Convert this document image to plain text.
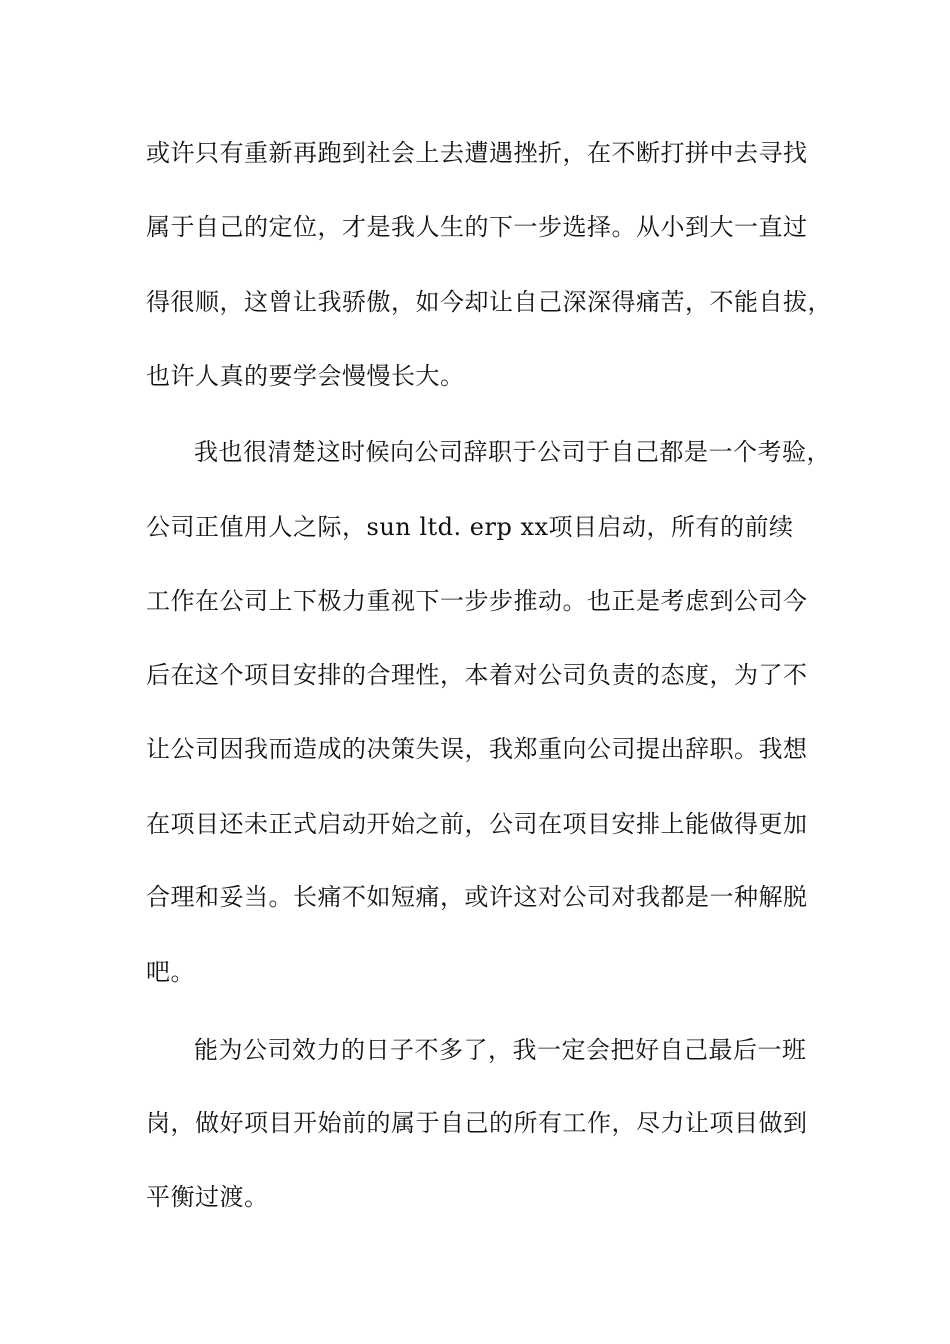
或许只有重新再跑到社会上去遭遇挫折，在不断打拼中去寻找
属于自己的定位，才是我人生的下一步选择。从小到大一直过
得很顺，这曾让我骄傲，如今却让自己深深得痛苦，不能自拔，
也许人真的要学会慢慢长大。
我也很清楚这时候向公司辞职于公司于自己都是一个考验，
公司正值用人之际，sun ltd. erp xx项目启动，所有的前续
工作在公司上下极力重视下一步步推动。也正是考虑到公司今
后在这个项目安排的合理性，本着对公司负责的态度，为了不
让公司因我而造成的决策失误，我郑重向公司提出辞职。我想
在项目还未正式启动开始之前，公司在项目安排上能做得更加
合理和妥当。长痛不如短痛，或许这对公司对我都是一种解脱
吧。
能为公司效力的日子不多了，我一定会把好自己最后一班
岗，做好项目开始前的属于自己的所有工作，尽力让项目做到
平衡过渡。
